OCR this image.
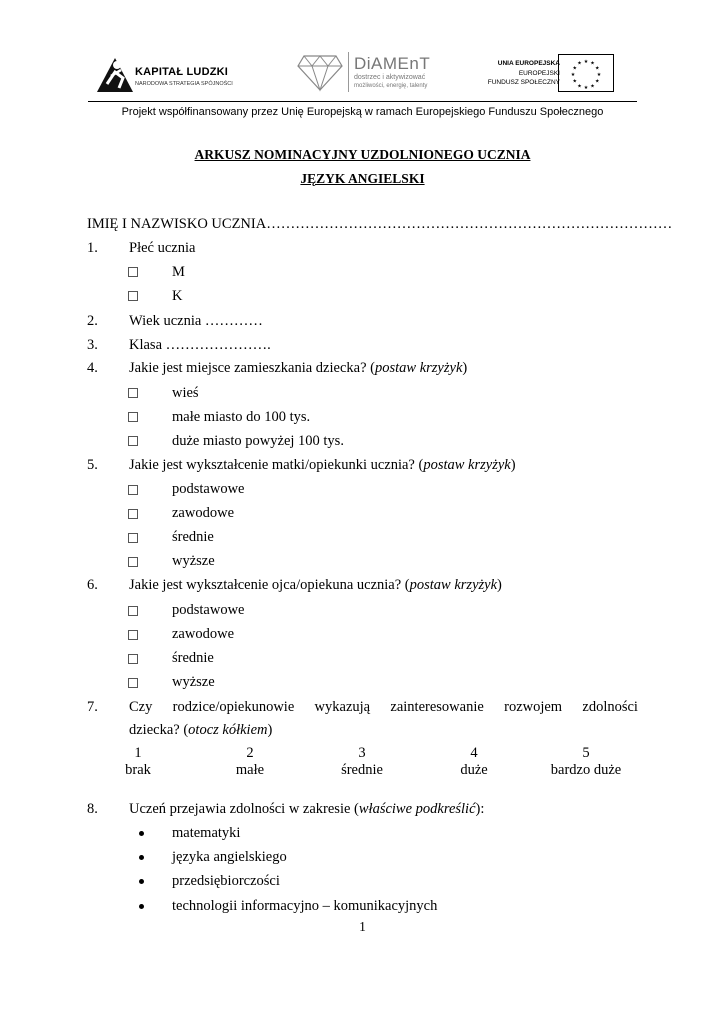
KAPITAŁ LUDZKI
NARODOWA STRATEGIA SPÓJNOŚCI
DiAMEnT
dostrzec i aktywizować
możliwości, energię, talenty
UNIA EUROPEJSKA
EUROPEJSKI
FUNDUSZ SPOŁECZNY
★ ★
★
★
★
★
★
★
★
★
★
★
Projekt współfinansowany przez Unię Europejską w ramach Europejskiego Funduszu Społecznego
ARKUSZ NOMINACYJNY UZDOLNIONEGO UCZNIA
JĘZYK ANGIELSKI
IMIĘ I NAZWISKO UCZNIA…………………………………………………………………………
1. Płeć ucznia
M
K
2. Wiek ucznia …………
3. Klasa ………………….
4. Jakie jest miejsce zamieszkania dziecka? (postaw krzyżyk)
wieś
małe miasto do 100 tys.
duże miasto powyżej 100 tys.
5. Jakie jest wykształcenie matki/opiekunki ucznia? (postaw krzyżyk)
podstawowe
zawodowe
średnie
wyższe
6. Jakie jest wykształcenie ojca/opiekuna ucznia? (postaw krzyżyk)
podstawowe
zawodowe
średnie
wyższe
7. Czy rodzice/opiekunowie wykazują zainteresowanie rozwojem zdolności
dziecka? (otocz kółkiem)
1
brak
2
małe
3
średnie
4
duże
5
bardzo duże
8. Uczeń przejawia zdolności w zakresie (właściwe podkreślić):
matematyki
języka angielskiego
przedsiębiorczości
technologii informacyjno – komunikacyjnych
1
